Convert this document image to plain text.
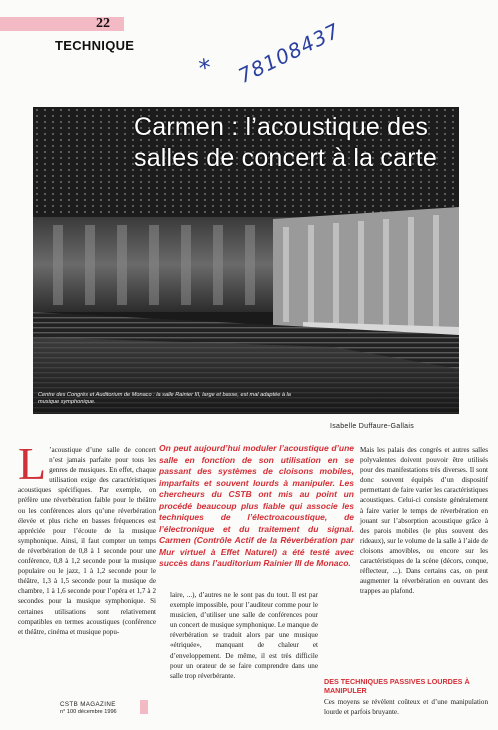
22
TECHNIQUE
* 78108437
Carmen : l’acoustique des salles de concert à la carte
Centre des Congrès et Auditorium de Monaco : la salle Rainier III, large et basse, est mal adaptée à la musique symphonique.
Isabelle Duffaure-Gallais
L ’acoustique d’une salle de concert n’est jamais parfaite pour tous les genres de musiques. En effet, chaque utilisation exige des caractéristiques acoustiques spécifiques. Par exemple, on préfère une réverbération faible pour le théâtre ou les conférences alors qu’une réverbération élevée et plus riche en basses fréquences est appréciée pour l’écoute de la musique symphonique. Ainsi, il faut compter un temps de réverbération de 0,8 à 1 seconde pour une conférence, 0,8 à 1,2 seconde pour la musique populaire ou le jazz, 1 à 1,2 seconde pour le théâtre, 1,3 à 1,5 seconde pour la musique de chambre, 1 à 1,6 seconde pour l’opéra et 1,7 à 2 secondes pour la musique symphonique. Si certaines utilisations sont relativement compatibles en termes acoustiques (conférence et théâtre, cinéma et musique popu-
On peut aujourd’hui moduler l’acoustique d’une salle en fonction de son utilisation en se passant des systèmes de cloisons mobiles, imparfaits et souvent lourds à manipuler. Les chercheurs du CSTB ont mis au point un procédé beaucoup plus fiable qui associe les techniques de l’électroacoustique, de l’électronique et du traitement du signal. Carmen (Contrôle Actif de la Réverbération par Mur virtuel à Effet Naturel) a été testé avec succès dans l’auditorium Rainier III de Monaco.
laire, ...), d’autres ne le sont pas du tout. Il est par exemple impossible, pour l’auditeur comme pour le musicien, d’utiliser une salle de conférences pour un concert de musique symphonique. Le manque de réverbération se traduit alors par une musique «étriquée», manquant de chaleur et d’enveloppement. De même, il est très difficile pour un orateur de se faire comprendre dans une salle trop réverbérante.
Mais les palais des congrès et autres salles polyvalentes doivent pouvoir être utilisés pour des manifestations très diverses. Il sont donc souvent équipés d’un dispositif permettant de faire varier les caractéristiques acoustiques. Celui-ci consiste généralement à faire varier le temps de réverbération en jouant sur l’absorption acoustique grâce à des parois mobiles (le plus souvent des rideaux), sur le volume de la salle à l’aide de cloisons amovibles, ou encore sur les caractéristiques de la scène (décors, conque, réflecteur, ...). Dans certains cas, on peut augmenter la réverbération en ouvrant des trappes au plafond.
DES TECHNIQUES PASSIVES LOURDES À MANIPULER
Ces moyens se révèlent coûteux et d’une manipulation lourde et parfois bruyante.
CSTB MAGAZINE
n° 100 décembre 1996
